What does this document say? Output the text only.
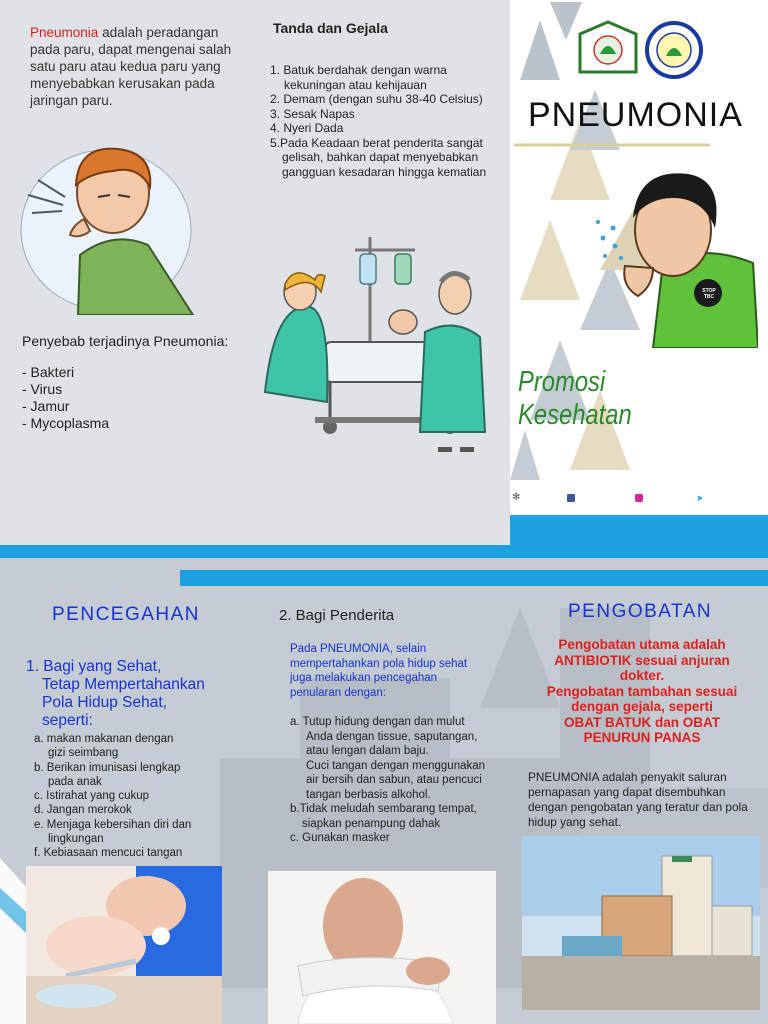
Pneumonia adalah peradangan pada paru, dapat mengenai salah satu paru atau kedua paru yang menyebabkan kerusakan pada jaringan paru.
Tanda dan Gejala
1. Batuk berdahak dengan warna
kekuningan atau kehijauan
2. Demam (dengan suhu 38-40 Celsius)
3. Sesak Napas
4. Nyeri Dada
5.Pada Keadaan berat penderita sangat
gelisah, bahkan dapat menyebabkan
gangguan kesadaran hingga kematian
Penyebab terjadinya Pneumonia:
- Bakteri
- Virus
- Jamur
- Mycoplasma
PNEUMONIA
STOP TBC
Promosi Kesehatan
✻	➤
PENCEGAHAN
1. Bagi yang Sehat,
Tetap Mempertahankan
Pola Hidup Sehat,
seperti:
a. makan makanan dengan
gizi seimbang
b. Berikan imunisasi lengkap
pada anak
c. Istirahat yang cukup
d. Jangan merokok
e. Menjaga kebersihan diri dan
lingkungan
f. Kebiasaan mencuci tangan
2. Bagi Penderita
Pada PNEUMONIA, selain mempertahankan pola hidup sehat juga melakukan pencegahan penularan dengan:
a. Tutup hidung dengan dan mulut
Anda dengan tissue, saputangan,
atau lengan dalam baju.
Cuci tangan dengan menggunakan
air bersih dan sabun, atau pencuci
tangan berbasis alkohol.
b.Tidak meludah sembarang tempat,
siapkan penampung dahak
c. Gunakan masker
PENGOBATAN
Pengobatan utama adalah
ANTIBIOTIK sesuai anjuran
dokter.
Pengobatan tambahan sesuai
dengan gejala, seperti
OBAT BATUK dan OBAT
PENURUN PANAS
PNEUMONIA adalah penyakit saluran pernapasan yang dapat disembuhkan dengan pengobatan yang teratur dan pola hidup yang sehat.
